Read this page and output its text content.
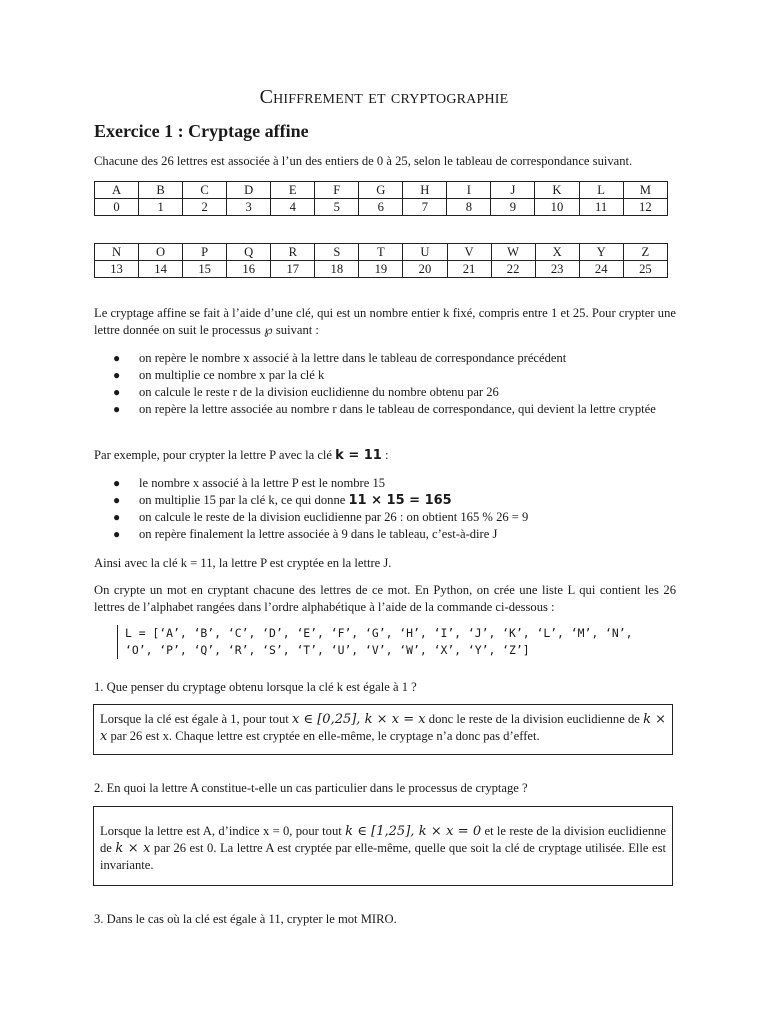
Chiffrement et cryptographie
Exercice 1 : Cryptage affine

Chacune des 26 lettres est associée à l’un des entiers de 0 à 25, selon le tableau de correspondance suivant.

A	B	C	D	E	F	G	H	I	J	K	L	M
0	1	2	3	4	5	6	7	8	9	10	11	12
N	O	P	Q	R	S	T	U	V	W	X	Y	Z
13	14	15	16	17	18	19	20	21	22	23	24	25

Le cryptage affine se fait à l’aide d’une clé, qui est un nombre entier k fixé, compris entre 1 et 25. Pour crypter une lettre donnée on suit le processus ℘ suivant :

● on repère le nombre x associé à la lettre dans le tableau de correspondance précédent
● on multiplie ce nombre x par la clé k
● on calcule le reste r de la division euclidienne du nombre obtenu par 26
● on repère la lettre associée au nombre r dans le tableau de correspondance, qui devient la lettre cryptée

Par exemple, pour crypter la lettre P avec la clé k = 11 :

● le nombre x associé à la lettre P est le nombre 15
● on multiplie 15 par la clé k, ce qui donne 11 × 15 = 165
● on calcule le reste de la division euclidienne par 26 : on obtient 165 % 26 = 9
● on repère finalement la lettre associée à 9 dans le tableau, c’est-à-dire J

Ainsi avec la clé k = 11, la lettre P est cryptée en la lettre J.

On crypte un mot en cryptant chacune des lettres de ce mot. En Python, on crée une liste L qui contient les 26 lettres de l’alphabet rangées dans l’ordre alphabétique à l’aide de la commande ci-dessous :

L = [‘A’, ‘B’, ‘C’, ‘D’, ‘E’, ‘F’, ‘G’, ‘H’, ‘I’, ‘J’, ‘K’, ‘L’, ‘M’, ‘N’,
‘O’, ‘P’, ‘Q’, ‘R’, ‘S’, ‘T’, ‘U’, ‘V’, ‘W’, ‘X’, ‘Y’, ‘Z’]

1. Que penser du cryptage obtenu lorsque la clé k est égale à 1 ?

Lorsque la clé est égale à 1, pour tout x ∈ [0,25], k × x = x donc le reste de la division euclidienne de k × x par 26 est x. Chaque lettre est cryptée en elle-même, le cryptage n’a donc pas d’effet.

2. En quoi la lettre A constitue-t-elle un cas particulier dans le processus de cryptage ?

Lorsque la lettre est A, d’indice x = 0, pour tout k ∈ [1,25], k × x = 0 et le reste de la division euclidienne de k × x par 26 est 0. La lettre A est cryptée par elle-même, quelle que soit la clé de cryptage utilisée. Elle est invariante.

3. Dans le cas où la clé est égale à 11, crypter le mot MIRO.
